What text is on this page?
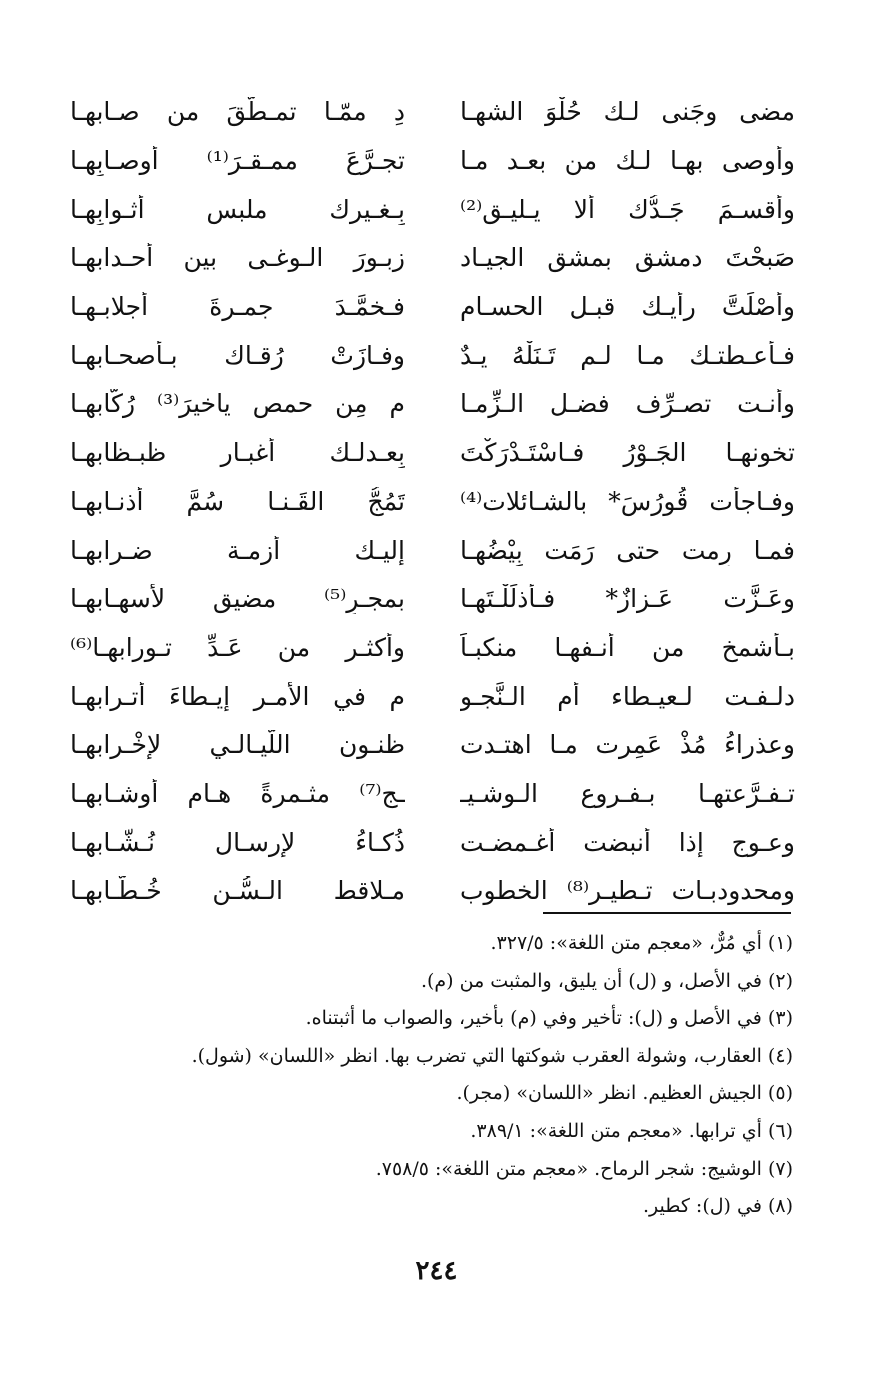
مضى وجَنى لـك حُلْوَ الشهـا
دِ ممّـا تمـطَّقَ من صـابهـا
وأوصى بهـا لـك من بعـد مـا
تجـرَّعَ ممـقـرَ⁽¹⁾ أوصـابِهـا
وأقسـمَ جَـدُّك ألا يـليـق⁽²⁾
بِـغـيرك ملبس أثـوابِهـا
صَبحْتَ دمشق بمشقِ الجيـاد
زبـورَ الـوغـى بين أحـدابهـا
وأَصْلَتَّ رأيـك قبـل الحسـام
فـخمَّـدَ جمـرةَ أجلابـهـا
فـأعـطتـك مـا لـم تَـنَلْهُ يـدٌ
وفـازَتْ رُقـاك بـأصحـابهـا
وأنـت تصـرِّف فضـل الـزِّمـا
م مِن حمص ياخيرَ⁽³⁾ رُكَّابهـا
تخونهـا الجَـوْرُ فـاسْتَـدْرَكْتَ
بِعـدلـك أغبـار ظبـظابهـا
وفـاجأت قُورُسَ* بالشـائلات⁽⁴⁾
تَمُجُّ القَـنـا سُمَّ أذنـابهـا
فمـا رِمت حتى رَمَت بِيْضُهـا
إليـك أزمـة ضـرابهـا
وعَـزَّت عَـزازٌ* فـأذلَلْـتَهـا
بمجـرٍ⁽⁵⁾ مضيقٍ لأسهـابهـا
بـأشمخ من أنـفهـا منكبـاً
وأكثـر من عَـدِّ تـورابهـا⁽⁶⁾
دلـفـت لـعيـطاء أم الـنَّجـو
م في الأمـر إيـطاءَ أتـرابهـا
وعذراءُ مُذْ عَمِرت مـا اهتـدت
ظنـون اللَّيـالـي لإخْـرابهـا
تـفـرَّعتهـا بـفـروع الـوشـيـ
ـج⁽⁷⁾ مثـمرةً هـام أوشـابهـا
وعـوجٍ إذا أنبضت أغـمضـت
ذُكـاءُ لإرسـال نُـشّـابهـا
ومحدودبـات تـطيـر⁽⁸⁾ الخطوب
مـلاقط الـسُّـنِ خُـطّـابهـا
(١) أي مُرٌّ، «معجم متن اللغة»: ٣٢٧/٥.
(٢) في الأصل، و (ل) أن يليق، والمثبت من (م).
(٣) في الأصل و (ل): تأخير وفي (م) بأخير، والصواب ما أثبتناه.
(٤) العقارب، وشولة العقرب شوكتها التي تضرب بها. انظر «اللسان» (شول).
(٥) الجيش العظيم. انظر «اللسان» (مجر).
(٦) أي ترابها. «معجم متن اللغة»: ٣٨٩/١.
(٧) الوشيج: شجر الرماح. «معجم متن اللغة»: ٧٥٨/٥.
(٨) في (ل): كطير.
٢٤٤
